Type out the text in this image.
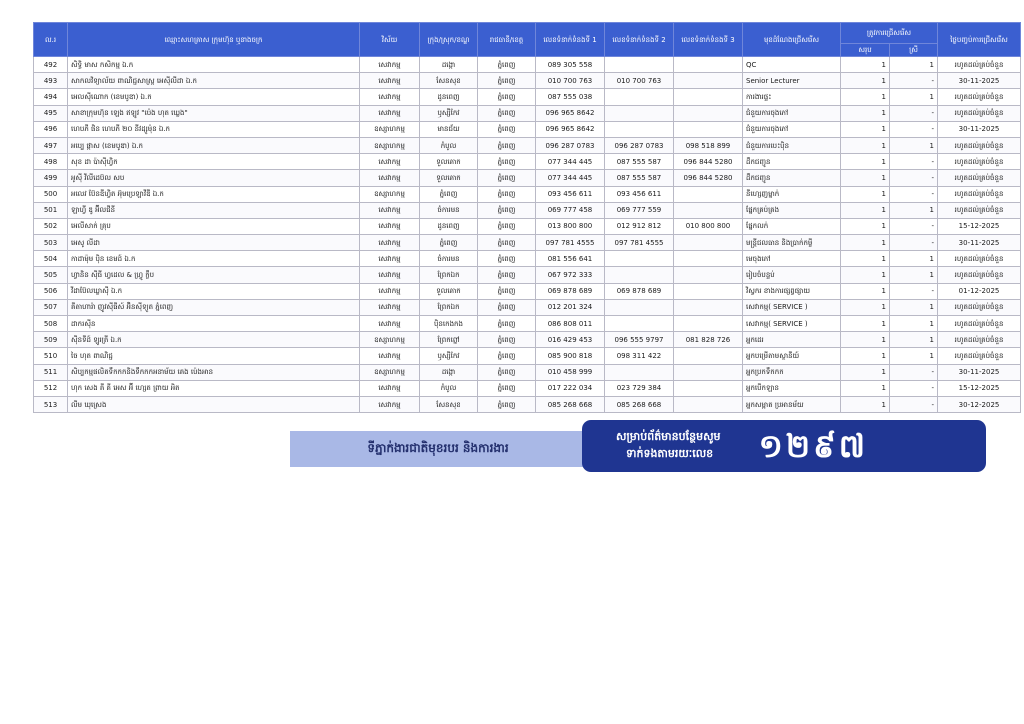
ល.រ	ឈ្មោះសហគ្រាស ក្រុមហ៊ុន ឬនាងចក្រ	វិស័យ	ក្រុង/ស្រុក/ខណ្ឌ	រាជធានី/ខេត្ត	លេខទំនាក់ទំនងទី 1	លេខទំនាក់ទំនងទី 2	លេខទំនាក់ទំនងទី 3	មុខដំណែងជ្រើសរើស	ត្រូវការជ្រើសរើស		ថ្ងៃបញ្ចប់ការជ្រើសរើស
									សរុប	ស្រី	
492	សិទ្ធិ មាស កសិកម្ម ឯ.ក	សេវាកម្ម	ដង្កោ	ភ្នំពេញ	089 305 558			QC	1	1	រហូតដល់គ្រប់ចំនួន
493	សាកលវិទ្យាល័យ ពាណិជ្ជសាស្ត្រ អេស៊ីលីដា ឯ.ក	សេវាកម្ម	សែនសុខ	ភ្នំពេញ	010 700 763	010 700 763		Senior Lecturer	1	-	30-11-2025
494	អេលស៊ីណោក (ខេមបូឌា) ឯ.ក	សេវាកម្ម	ដូនពេញ	ភ្នំពេញ	087 555 038			ការងារផ្ទះ	1	1	រហូតដល់គ្រប់ចំនួន
495	សាខាក្រុមហ៊ុន ឡេង ឥឡូវ "ប៉េង ហុត ឃ្លេង"	សេវាកម្ម	ឫស្សីកែវ	ភ្នំពេញ	096 965 8642			ជំនួយការចុងភៅ	1	-	រហូតដល់គ្រប់ចំនួន
496	ហេបភី ផិន ហេបភី ២០ នីវដ្សូម៉ុន ឯ.ក	ឧស្សាហកម្ម	មានជ័យ	ភ្នំពេញ	096 965 8642			ជំនួយការចុងភៅ	1	-	30-11-2025
497	អប្បេ ផ្កាស (ខេមបូឌា) ឯ.ក	ឧស្សាហកម្ម	កំបូល	ភ្នំពេញ	096 287 0783	096 287 0783	098 518 899	ជំនួយការបេះប៉ិន	1	1	រហូតដល់គ្រប់ចំនួន
498	សុខ ដា ប៉ាស៊ីហ្វិក	សេវាកម្ម	ទួលគោក	ភ្នំពេញ	077 344 445	087 555 587	096 844 5280	ដឹកជញ្ជូន	1	-	រហូតដល់គ្រប់ចំនួន
499	អូស៊ី វីលីដេប៊ល សប	សេវាកម្ម	ទួលគោក	ភ្នំពេញ	077 344 445	087 555 587	096 844 5280	ដឹកជញ្ជូន	1	-	រហូតដល់គ្រប់ចំនួន
500	អលេវ ប៊ែនឌីហ្វិត អ៊ុមប្រេឡាវីឌី ឯ.ក	ឧស្សាហកម្ម	ភ្នំពេញ	ភ្នំពេញ	093 456 611	093 456 611		នីហ្សេញម្នាក់	1	-	រហូតដល់គ្រប់ចំនួន
501	ឡាហ្វី ឌូ អ៊ីលជីនី	សេវាកម្ម	ចំការមន	ភ្នំពេញ	069 777 458	069 777 559		ផ្នែកគ្រប់គ្រង	1	1	រហូតដល់គ្រប់ចំនួន
502	អេលីសាក់ គ្រុប	សេវាកម្ម	ដូនពេញ	ភ្នំពេញ	013 800 800	012 912 812	010 800 800	ផ្នែកលក់	1	-	15-12-2025
503	អេសូ លីដា	សេវាកម្ម	ភ្នំពេញ	ភ្នំពេញ	097 781 4555	097 781 4555		មន្ត្រីជលធាន និងប្រាក់កម្ចី	1	-	30-11-2025
504	កាដាម៉ុម ប៉ិន ខេមដ៍ ឯ.ក	សេវាកម្ម	ចំការមន	ភ្នំពេញ	081 556 641			មេចុងភៅ	1	1	រហូតដល់គ្រប់ចំនួន
505	ហ្វានិន ស៊ីធី ហ្វដេល & ហ្វ្រូ ក្លឹប	សេវាកម្ម	ព្រែកឯក	ភ្នំពេញ	067 972 333			រៀបចំបន្ទប់	1	1	រហូតដល់គ្រប់ចំនួន
506	វីដាប៊ែលឃ្លាសុី ឯ.ក	សេវាកម្ម	ទួលគោក	ភ្នំពេញ	069 878 689	069 878 689		វិស្វករ ខាងការផ្សព្វផ្សាយ	1	-	01-12-2025
507	គីតាហារ៉ា ញូវស៊ីធីស៍ អ៊ិនស៊ីទ្យូត ភ្នំពេញ	សេវាកម្ម	ព្រែកឯក	ភ្នំពេញ	012 201 324			សេវាកម្ម( SERVICE )	1	1	រហូតដល់គ្រប់ចំនួន
508	ដាករស៊ីន	សេវាកម្ម	ប៉ិនកេងកង	ភ្នំពេញ	086 808 011			សេវាកម្ម( SERVICE )	1	1	រហូតដល់គ្រប់ចំនួន
509	ស៊ីនទីដ៍ ឡូរត្រី ឯ.ក	ឧស្សាហកម្ម	ព្រែកព្នៅ	ភ្នំពេញ	016 429 453	096 555 9797	081 828 726	អ្នកដេរ	1	1	រហូតដល់គ្រប់ចំនួន
510	ចៃ ហុត ពាណិជ្ជ	សេវាកម្ម	ឫស្សីកែវ	ភ្នំពេញ	085 900 818	098 311 422		អ្នកបម្រើតាមស្ថានីយ៍	1	1	រហូតដល់គ្រប់ចំនួន
511	សិប្បកម្មផលិតទឹកកកនិងទឹកកកអនាម័យ គេង ប៉េងអាន	ឧស្សាហកម្ម	ដង្កោ	ភ្នំពេញ	010 458 999			អ្នកប្រកទឹកកក	1	-	30-11-2025
512	ហុក សេង គី គី អេស អ៊ី ហ្សេត ព្រាយ អិត	សេវាកម្ម	កំបូល	ភ្នំពេញ	017 222 034	023 729 384		អ្នកបើកឡាន	1	-	15-12-2025
513	លីម ឃុស្រេង	សេវាកម្ម	សែនសុខ	ភ្នំពេញ	085 268 668	085 268 668		អ្នកសម្អាត ប្រអានម័យ	1	-	30-12-2025
ទីភ្នាក់ងារជាតិមុខរបរ និងការងារ
សម្រាប់ព័ត៌មានបន្ថែមសូម
ទាក់ទងតាមរយៈលេខ ១២៩៧
